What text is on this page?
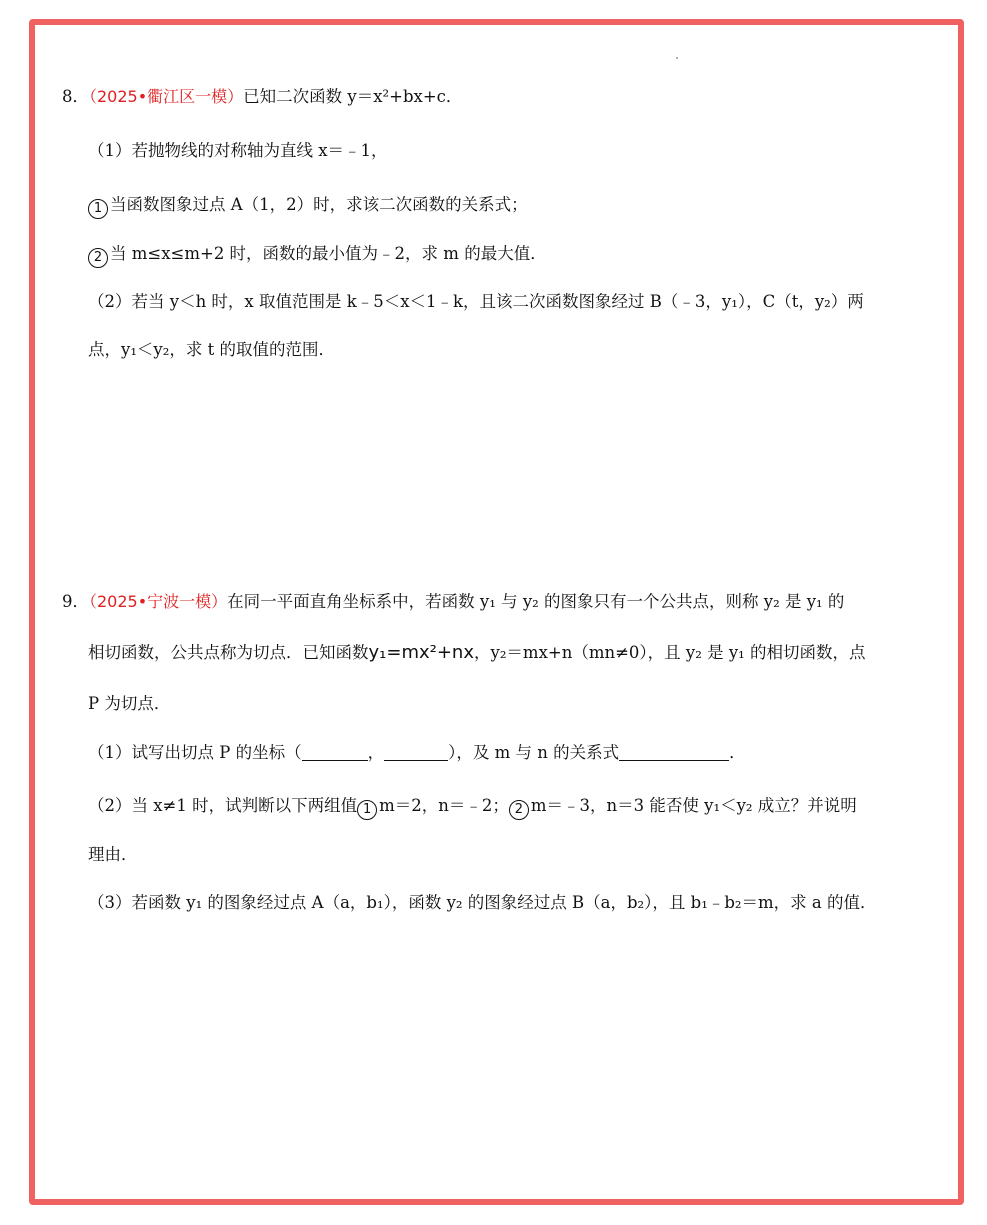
8．（2025•衢江区一模）已知二次函数 y＝x²+bx+c．
（1）若抛物线的对称轴为直线 x＝﹣1，
1 当函数图象过点 A（1，2）时，求该二次函数的关系式；
2 当 m≤x≤m+2 时，函数的最小值为﹣2，求 m 的最大值．
（2）若当 y＜h 时，x 取值范围是 k﹣5＜x＜1﹣k，且该二次函数图象经过 B（﹣3，y₁），C（t，y₂）两
点，y₁＜y₂，求 t 的取值的范围．
9．（2025•宁波一模）在同一平面直角坐标系中，若函数 y₁ 与 y₂ 的图象只有一个公共点，则称 y₂ 是 y₁ 的
相切函数，公共点称为切点．已知函数y₁=mx²+nx，y₂＝mx+n（mn≠0），且 y₂ 是 y₁ 的相切函数，点
P 为切点．
（1）试写出切点 P 的坐标（	，	），及 m 与 n 的关系式	．
（2）当 x≠1 时，试判断以下两组值 1 m＝2，n＝﹣2； 2 m＝﹣3，n＝3 能否使 y₁＜y₂ 成立？并说明
理由．
（3）若函数 y₁ 的图象经过点 A（a，b₁），函数 y₂ 的图象经过点 B（a，b₂），且 b₁﹣b₂＝m，求 a 的值．
